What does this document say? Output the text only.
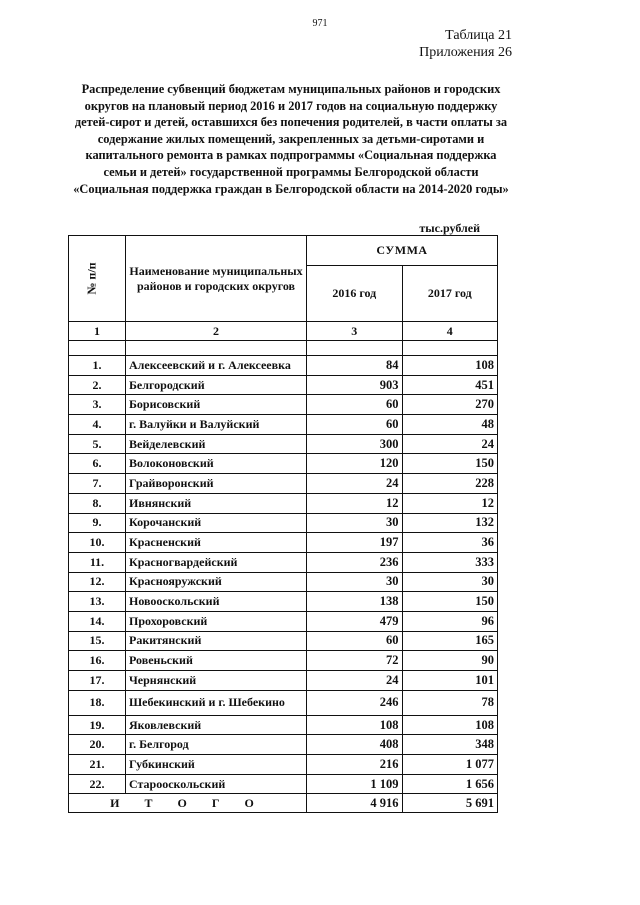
971
Таблица 21
Приложения 26
Распределение субвенций бюджетам муниципальных районов и городских
округов на плановый период 2016 и 2017 годов на социальную поддержку
детей-сирот и детей, оставшихся без попечения родителей, в части оплаты за
содержание жилых помещений, закрепленных за детьми-сиротами и
капитального ремонта в рамках подпрограммы «Социальная поддержка
семьи и детей» государственной программы Белгородской области
«Социальная поддержка граждан в Белгородской области на 2014-2020 годы»
тыс.рублей
№ п/п	Наименование муниципальных районов и городских округов	СУММА	
		2016 год	2017 год
1	2	3	4

1.	Алексеевский и г. Алексеевка	84	108
2.	Белгородский	903	451
3.	Борисовский	60	270
4.	г. Валуйки и Валуйский	60	48
5.	Вейделевский	300	24
6.	Волоконовский	120	150
7.	Грайворонский	24	228
8.	Ивнянский	12	12
9.	Корочанский	30	132
10.	Красненский	197	36
11.	Красногвардейский	236	333
12.	Краснояружский	30	30
13.	Новооскольский	138	150
14.	Прохоровский	479	96
15.	Ракитянский	60	165
16.	Ровеньский	72	90
17.	Чернянский	24	101
18.	Шебекинский и г. Шебекино	246	78
19.	Яковлевский	108	108
20.	г. Белгород	408	348
21.	Губкинский	216	1 077
22.	Старооскольский	1 109	1 656
И Т О Г О		4 916	5 691
